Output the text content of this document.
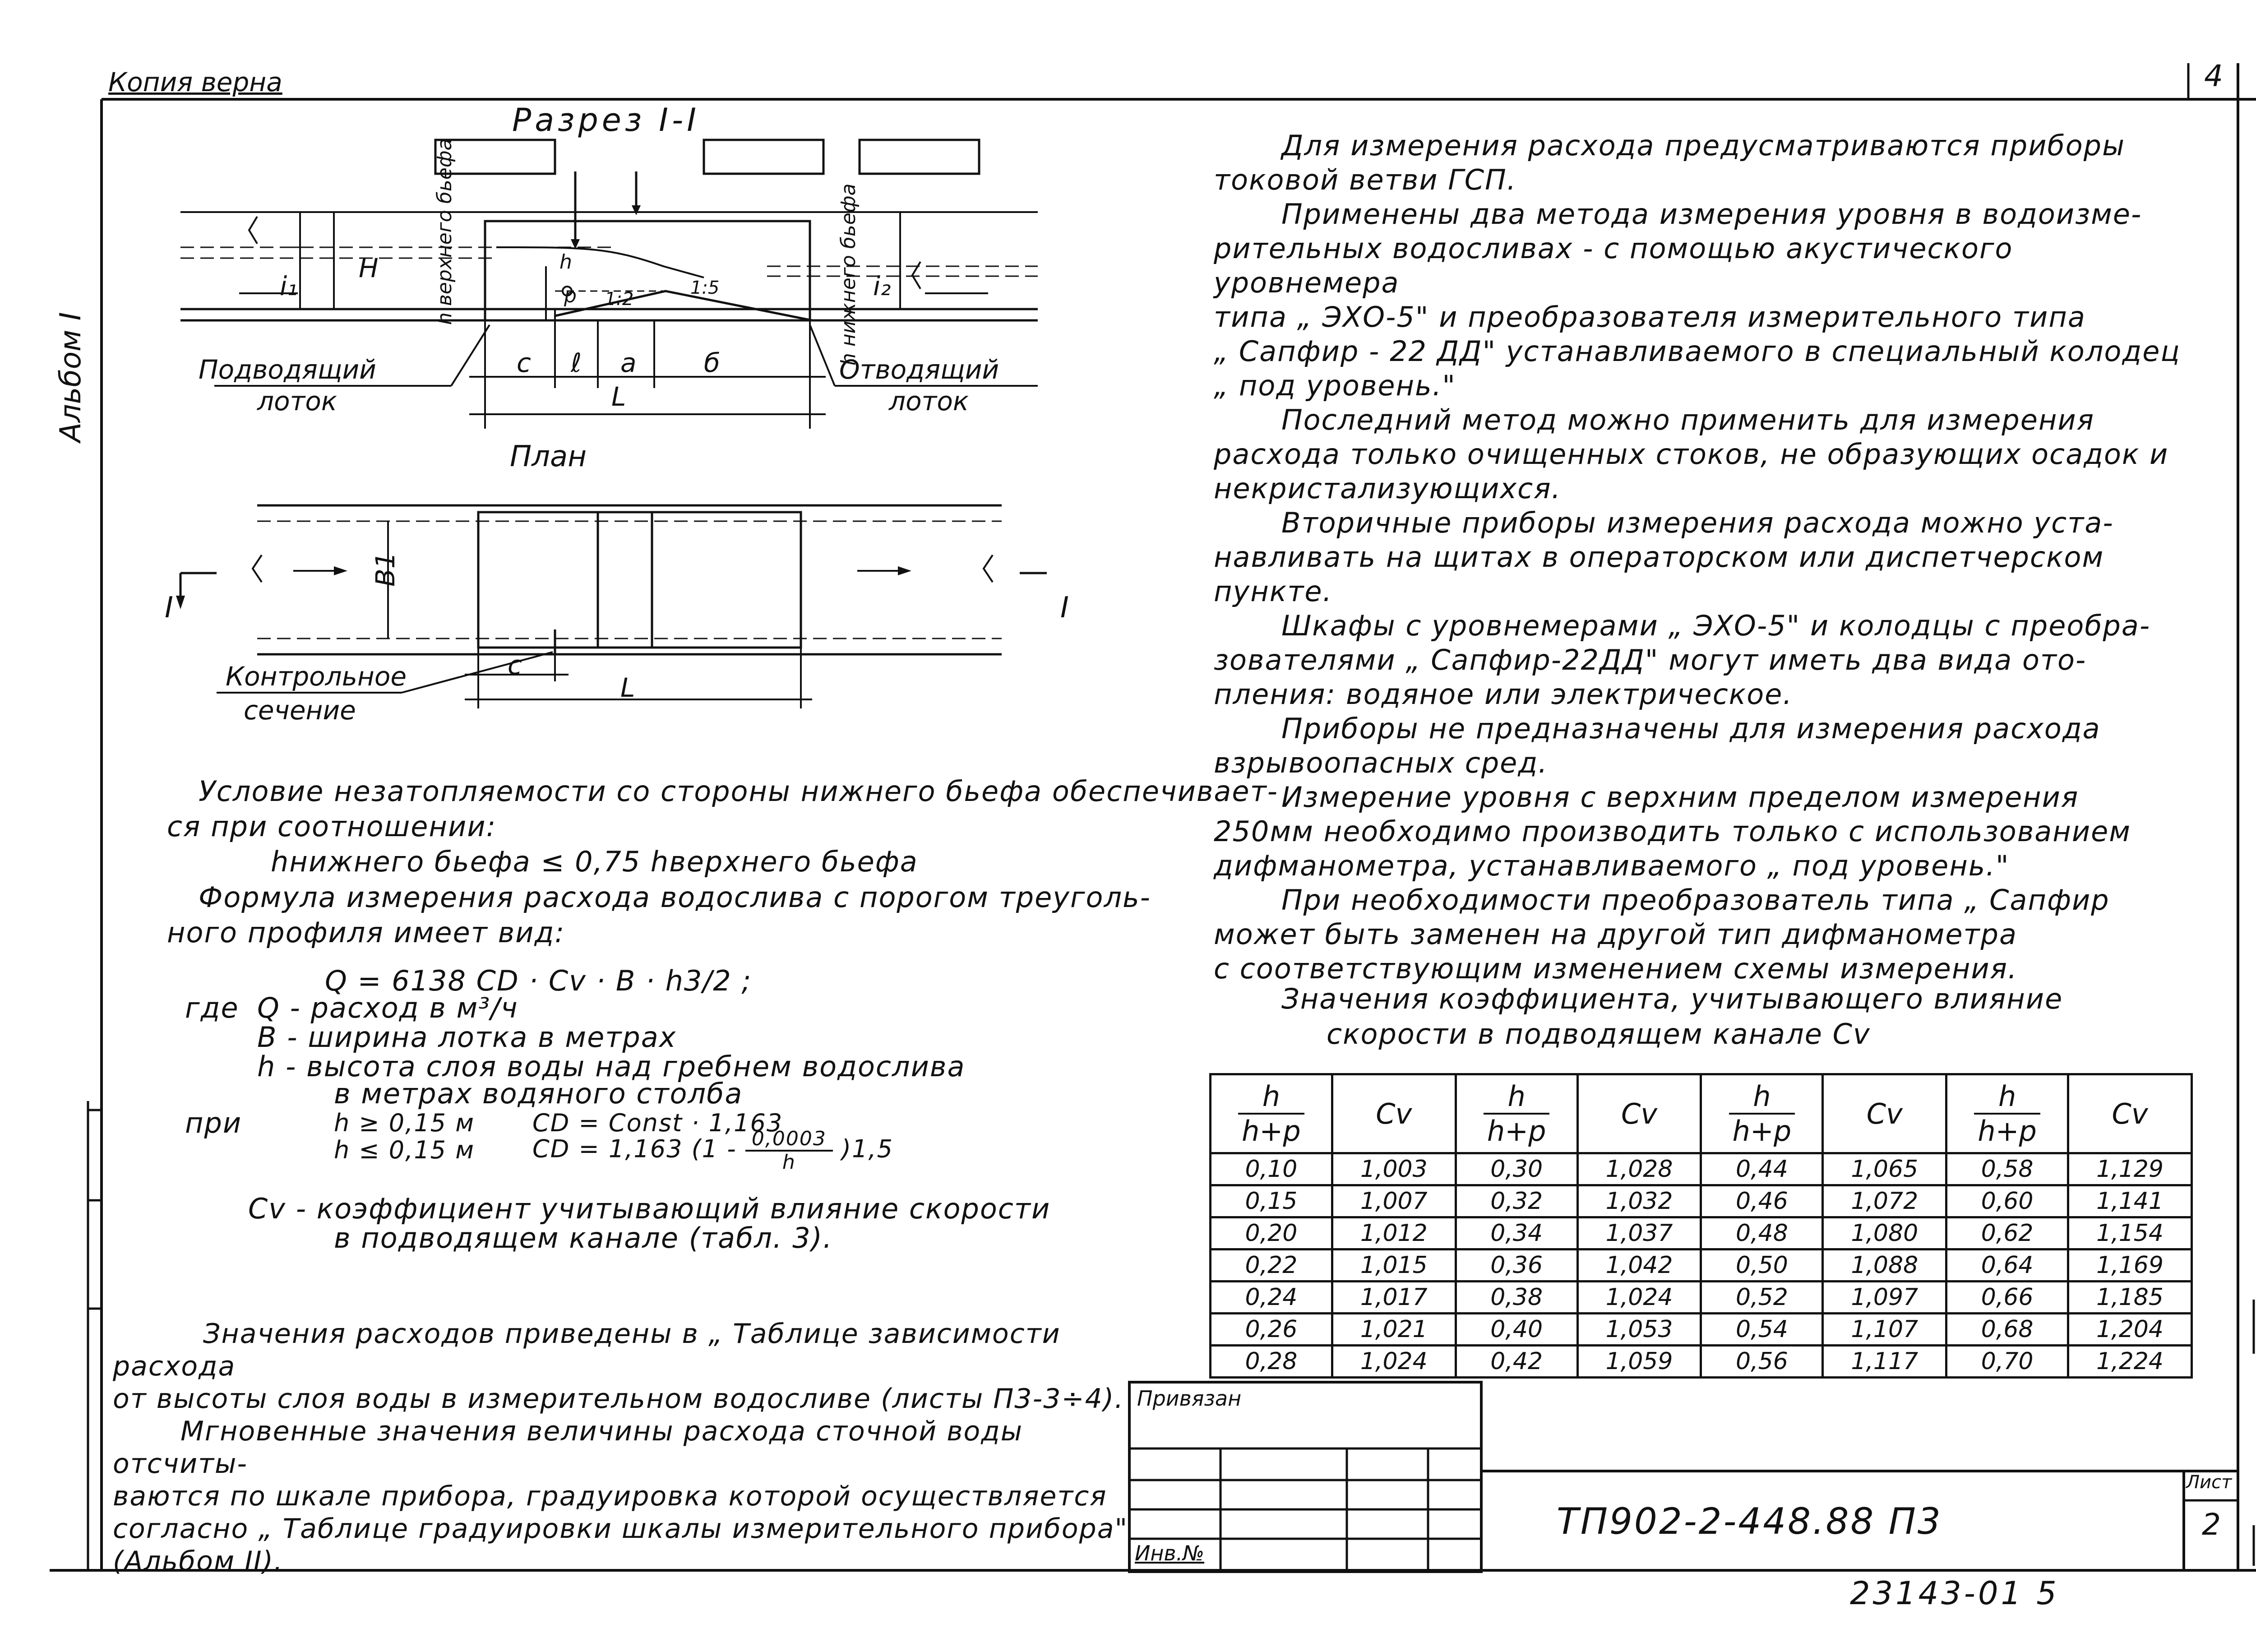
Копия верна	4
Альбом I
Разрез I-I
h верхнего бьефа	h нижнего бьефа
1:2
1:5
i₁	i₂
H
p
h
c ℓ a	б
L
Подводящий
лоток
Отводящий
лоток
План
B1
I	I
c
L
Контрольное
сечение
Условие незатопляемости со стороны нижнего бьефа обеспечивает-
ся при соотношении:
hнижнего бьефа ≤ 0,75 hверхнего бьефа
Формула измерения расхода водослива с порогом треуголь-
ного профиля имеет вид:
Q = 6138 CD · Cv · B · h3/2 ;
где Q - расход в м³/ч
B - ширина лотка в метрах
h - высота слоя воды над гребнем водослива
в метрах водяного столба
при	h ≥ 0,15 м
h ≤ 0,15 м
CD = Const · 1,163
CD = 1,163 $(1 - \frac{0,0003}{h} )1,5$
Cv - коэффициент учитывающий влияние скорости
в подводящем канале (табл. 3).
Значения расходов приведены в „ Таблице зависимости расхода
от высоты слоя воды в измерительном водосливе (листы П3-3÷4).
Мгновенные значения величины расхода сточной воды отсчиты-
ваются по шкале прибора, градуировка которой осуществляется
согласно „ Таблице градуировки шкалы измерительного прибора"
(Альбом II).
Для измерения расхода предусматриваются приборы
токовой ветви ГСП.
Применены два метода измерения уровня в водоизме-
рительных водосливах - с помощью акустического уровнемера
типа „ ЭХО-5" и преобразователя измерительного типа
„ Сапфир - 22 ДД" устанавливаемого в специальный колодец
„ под уровень."
Последний метод можно применить для измерения
расхода только очищенных стоков, не образующих осадок и
некристализующихся.
Вторичные приборы измерения расхода можно уста-
навливать на щитах в операторском или диспетчерском
пункте.
Шкафы с уровнемерами „ ЭХО-5" и колодцы с преобра-
зователями „ Сапфир-22ДД" могут иметь два вида ото-
пления: водяное или электрическое.
Приборы не предназначены для измерения расхода
взрывоопасных сред.
Измерение уровня с верхним пределом измерения
250мм необходимо производить только с использованием
дифманометра, устанавливаемого „ под уровень."
При необходимости преобразователь типа „ Сапфир
может быть заменен на другой тип дифманометра
с соответствующим изменением схемы измерения.
Значения коэффициента, учитывающего влияние
скорости в подводящем канале Cv
$\frac{h}{h+p}$	Cv	$\frac{h}{h+p}$	Cv	$\frac{h}{h+p}$	Cv	$\frac{h}{h+p}$	Cv
0,10	1,003	0,30	1,028	0,44	1,065	0,58	1,129
0,15	1,007	0,32	1,032	0,46	1,072	0,60	1,141
0,20	1,012	0,34	1,037	0,48	1,080	0,62	1,154
0,22	1,015	0,36	1,042	0,50	1,088	0,64	1,169
0,24	1,017	0,38	1,024	0,52	1,097	0,66	1,185
0,26	1,021	0,40	1,053	0,54	1,107	0,68	1,204
0,28	1,024	0,42	1,059	0,56	1,117	0,70	1,224
Привязан
Инв.№
ТП902-2-448.88 П3
Лист
2
23143-01 5
